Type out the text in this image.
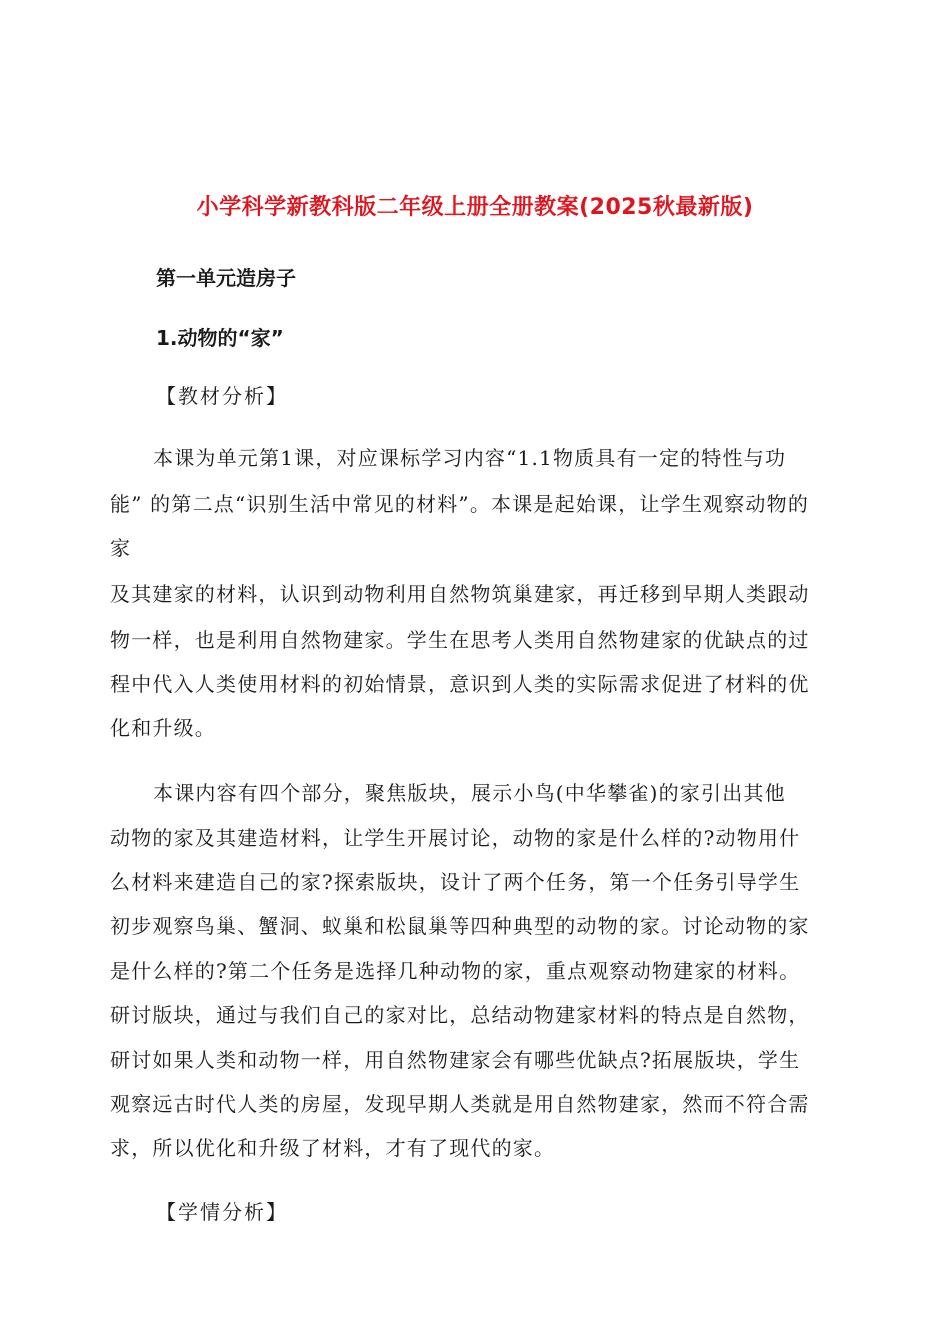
小学科学新教科版二年级上册全册教案(2025秋最新版)
第一单元造房子
1.动物的“家”
【教材分析】
本课为单元第1课，对应课标学习内容“1.1物质具有一定的特性与功
能” 的第二点“识别生活中常见的材料”。本课是起始课，让学生观察动物的
家
及其建家的材料，认识到动物利用自然物筑巢建家，再迁移到早期人类跟动
物一样，也是利用自然物建家。学生在思考人类用自然物建家的优缺点的过
程中代入人类使用材料的初始情景，意识到人类的实际需求促进了材料的优
化和升级。
本课内容有四个部分，聚焦版块，展示小鸟(中华攀雀)的家引出其他
动物的家及其建造材料，让学生开展讨论，动物的家是什么样的?动物用什
么材料来建造自己的家?探索版块，设计了两个任务，第一个任务引导学生
初步观察鸟巢、蟹洞、蚁巢和松鼠巢等四种典型的动物的家。讨论动物的家
是什么样的?第二个任务是选择几种动物的家，重点观察动物建家的材料。
研讨版块，通过与我们自己的家对比，总结动物建家材料的特点是自然物，
研讨如果人类和动物一样，用自然物建家会有哪些优缺点?拓展版块，学生
观察远古时代人类的房屋，发现早期人类就是用自然物建家，然而不符合需
求，所以优化和升级了材料，才有了现代的家。
【学情分析】
